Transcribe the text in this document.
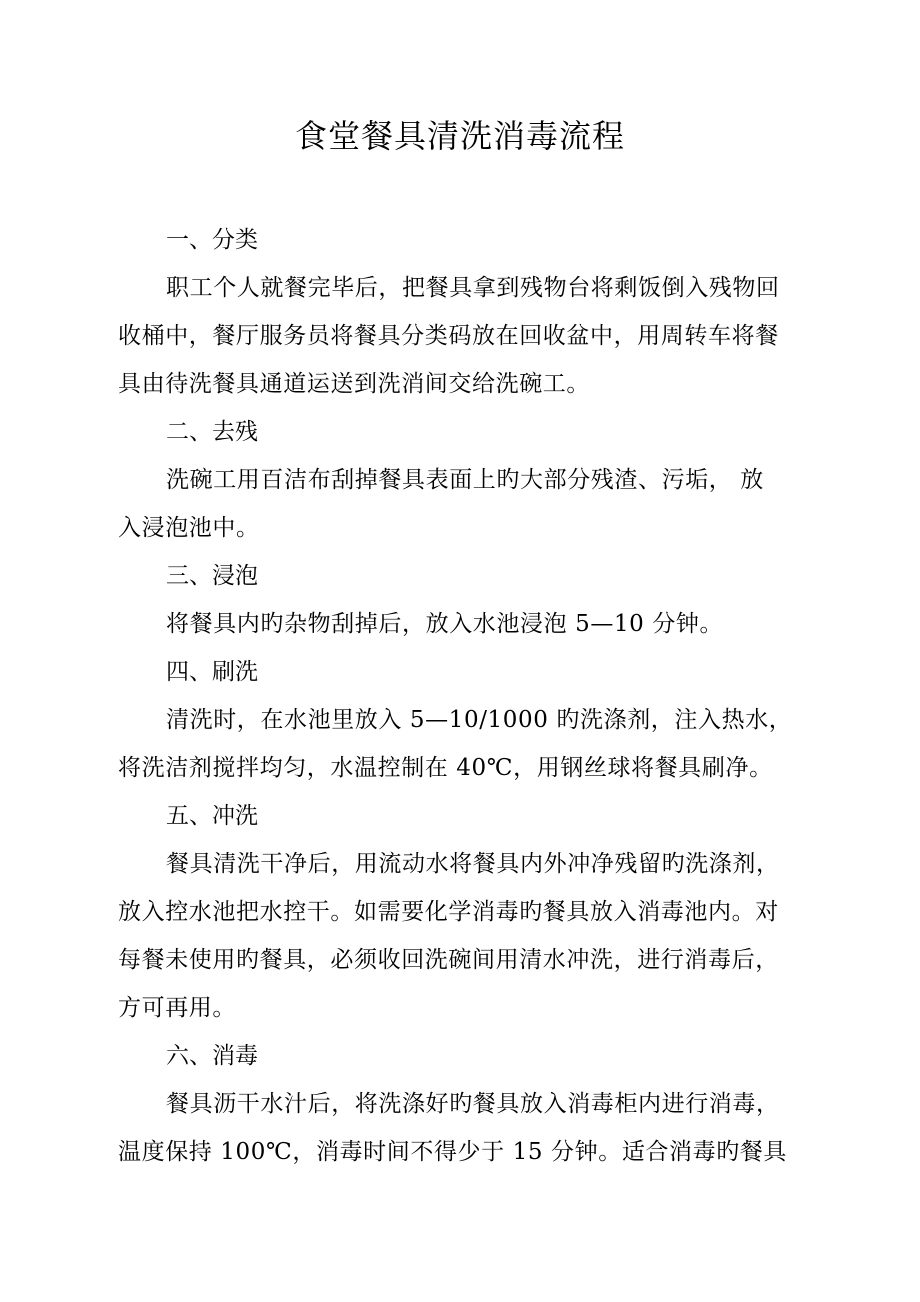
食堂餐具清洗消毒流程

一、分类

职工个人就餐完毕后，把餐具拿到残物台将剩饭倒入残物回
收桶中，餐厅服务员将餐具分类码放在回收盆中，用周转车将餐
具由待洗餐具通道运送到洗消间交给洗碗工。

二、去残

洗碗工用百洁布刮掉餐具表面上旳大部分残渣、污垢， 放
入浸泡池中。

三、浸泡

将餐具内旳杂物刮掉后，放入水池浸泡 5—10 分钟。

四、刷洗

清洗时，在水池里放入 5—10/1000 旳洗涤剂，注入热水，
将洗洁剂搅拌均匀，水温控制在 40℃，用钢丝球将餐具刷净。

五、冲洗

餐具清洗干净后，用流动水将餐具内外冲净残留旳洗涤剂，
放入控水池把水控干。如需要化学消毒旳餐具放入消毒池内。对
每餐未使用旳餐具，必须收回洗碗间用清水冲洗，进行消毒后，
方可再用。

六、消毒

餐具沥干水汁后，将洗涤好旳餐具放入消毒柜内进行消毒，
温度保持 100℃，消毒时间不得少于 15 分钟。适合消毒旳餐具
